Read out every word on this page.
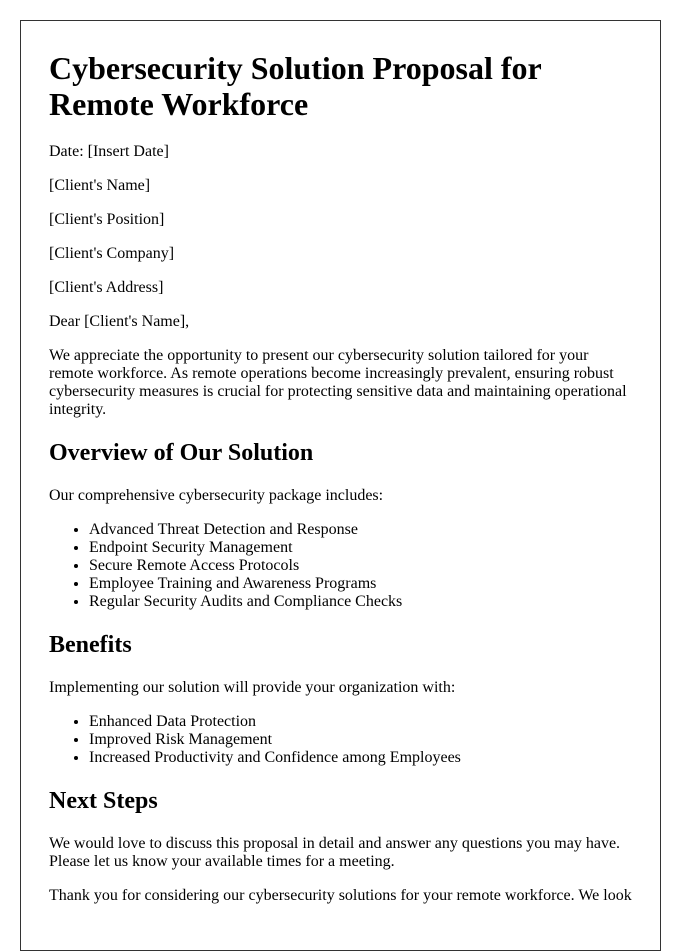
Cybersecurity Solution Proposal for Remote Workforce

Date: [Insert Date]

[Client's Name]

[Client's Position]

[Client's Company]

[Client's Address]

Dear [Client's Name],

We appreciate the opportunity to present our cybersecurity solution tailored for your remote workforce. As remote operations become increasingly prevalent, ensuring robust cybersecurity measures is crucial for protecting sensitive data and maintaining operational integrity.

Overview of Our Solution

Our comprehensive cybersecurity package includes:

• Advanced Threat Detection and Response
• Endpoint Security Management
• Secure Remote Access Protocols
• Employee Training and Awareness Programs
• Regular Security Audits and Compliance Checks
Benefits

Implementing our solution will provide your organization with:

• Enhanced Data Protection
• Improved Risk Management
• Increased Productivity and Confidence among Employees
Next Steps

We would love to discuss this proposal in detail and answer any questions you may have. Please let us know your available times for a meeting.

Thank you for considering our cybersecurity solutions for your remote workforce. We look
